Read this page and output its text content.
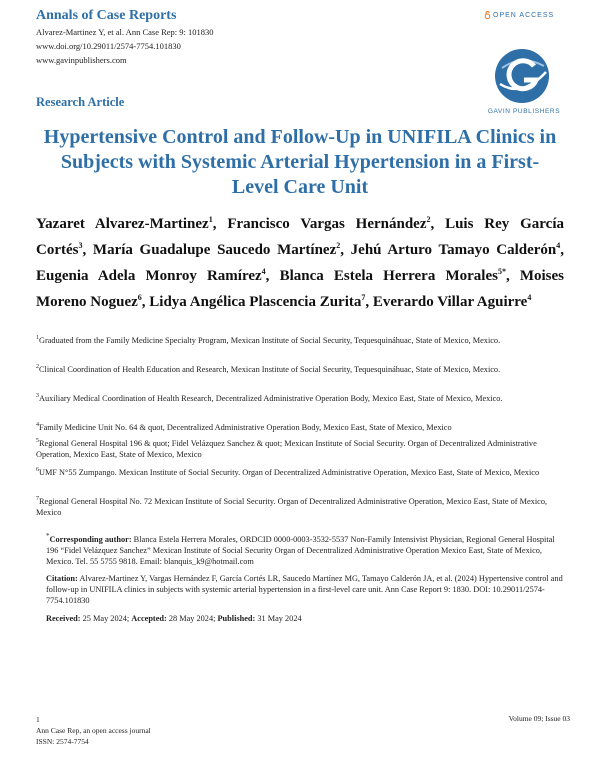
Annals of Case Reports
Alvarez-Martinez Y, et al. Ann Case Rep: 9: 101830
www.doi.org/10.29011/2574-7754.101830
www.gavinpublishers.com
OPEN ACCESS
GAVIN PUBLISHERS
Research Article
Hypertensive Control and Follow-Up in UNIFILA Clinics in Subjects with Systemic Arterial Hypertension in a First-Level Care Unit
Yazaret Alvarez-Martinez$^1$, Francisco Vargas Hernández$^2$, Luis Rey García Cortés$^3$, María Guadalupe Saucedo Martínez$^2$, Jehú Arturo Tamayo Calderón$^4$, Eugenia Adela Monroy Ramírez$^4$, Blanca Estela Herrera Morales$^{5*}$, Moises Moreno Noguez$^6$, Lidya Angélica Plascencia Zurita$^7$, Everardo Villar Aguirre$^4$
$^1$Graduated from the Family Medicine Specialty Program, Mexican Institute of Social Security, Tequesquináhuac, State of Mexico, Mexico.
$^2$Clinical Coordination of Health Education and Research, Mexican Institute of Social Security, Tequesquináhuac, State of Mexico, Mexico.
$^3$Auxiliary Medical Coordination of Health Research, Decentralized Administrative Operation Body, Mexico East, State of Mexico, Mexico.
$^4$Family Medicine Unit No. 64 & quot, Decentralized Administrative Operation Body, Mexico East, State of Mexico, Mexico
$^5$Regional General Hospital 196 & quot; Fidel Velázquez Sanchez & quot; Mexican Institute of Social Security. Organ of Decentralized Administrative Operation, Mexico East, State of Mexico, Mexico
$^6$UMF N°55 Zumpango. Mexican Institute of Social Security. Organ of Decentralized Administrative Operation, Mexico East, State of Mexico, Mexico
$^7$Regional General Hospital No. 72 Mexican Institute of Social Security. Organ of Decentralized Administrative Operation, Mexico East, State of Mexico, Mexico
*Corresponding author: Blanca Estela Herrera Morales, ORDCID 0000-0003-3532-5537 Non-Family Intensivist Physician, Regional General Hospital 196 “Fidel Velázquez Sanchez” Mexican Institute of Social Security Organ of Decentralized Administrative Operation Mexico East, State of Mexico, Mexico. Tel. 55 5755 9818. Email: blanquis_k9@hotmail.com
Citation: Alvarez-Martinez Y, Vargas Hernández F, García Cortés LR, Saucedo Martínez MG, Tamayo Calderón JA, et al. (2024) Hypertensive control and follow-up in UNIFILA clinics in subjects with systemic arterial hypertension in a first-level care unit. Ann Case Report 9: 1830. DOI: 10.29011/2574-7754.101830
Received: 25 May 2024; Accepted: 28 May 2024; Published: 31 May 2024
1
Ann Case Rep, an open access journal
ISSN: 2574-7754
Volume 09; Issue 03
